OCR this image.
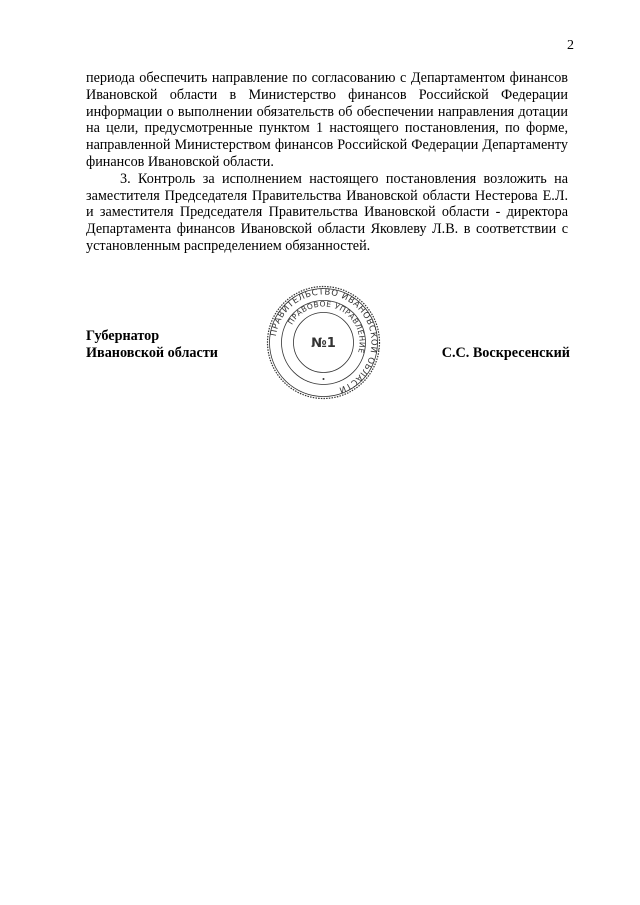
2

периода обеспечить направление по согласованию с Департаментом финансов Ивановской области в Министерство финансов Российской Федерации информации о выполнении обязательств об обеспечении направления дотации на цели, предусмотренные пунктом 1 настоящего постановления, по форме, направленной Министерством финансов Российской Федерации Департаменту финансов Ивановской области.

3. Контроль за исполнением настоящего постановления возложить на заместителя Председателя Правительства Ивановской области Нестерова Е.Л. и заместителя Председателя Правительства Ивановской области - директора Департамента финансов Ивановской области Яковлеву Л.В. в соответствии с установленным распределением обязанностей.

Губернатор
Ивановской области
ПРАВИТЕЛЬСТВО ИВАНОВСКОЙ ОБЛАСТИ
ПРАВОВОЕ УПРАВЛЕНИЕ
№1
С.С. Воскресенский
